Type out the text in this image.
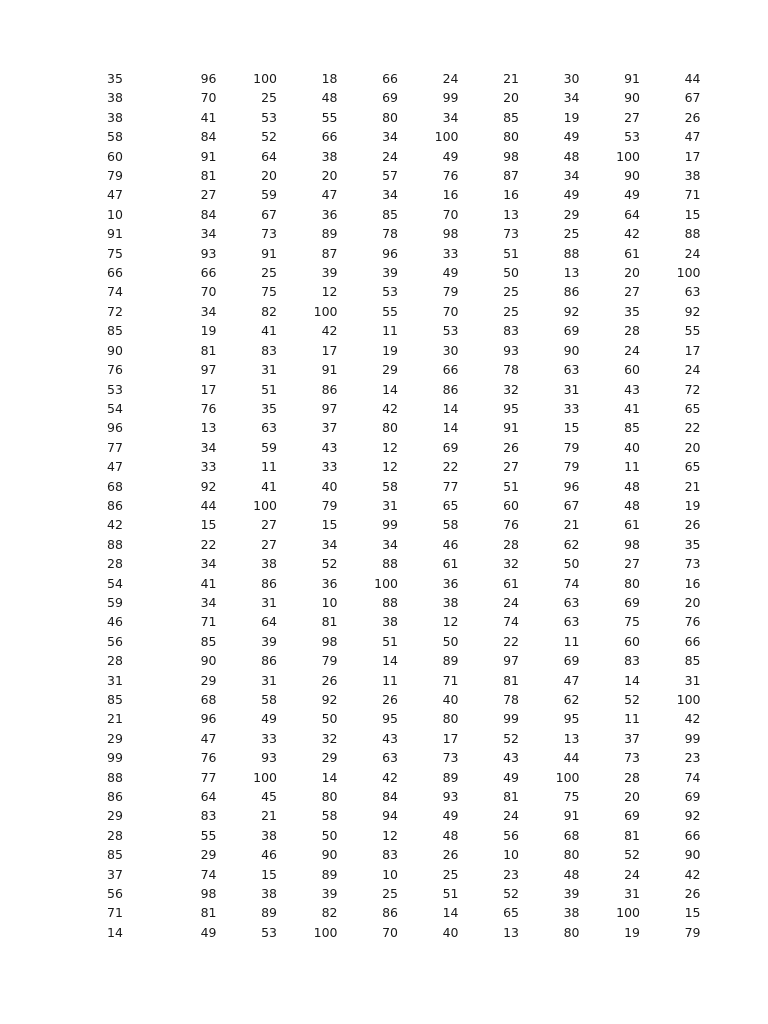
35	96	100	18	66	24	21	30	91	44
38	70	25	48	69	99	20	34	90	67
38	41	53	55	80	34	85	19	27	26
58	84	52	66	34	100	80	49	53	47
60	91	64	38	24	49	98	48	100	17
79	81	20	20	57	76	87	34	90	38
47	27	59	47	34	16	16	49	49	71
10	84	67	36	85	70	13	29	64	15
91	34	73	89	78	98	73	25	42	88
75	93	91	87	96	33	51	88	61	24
66	66	25	39	39	49	50	13	20	100
74	70	75	12	53	79	25	86	27	63
72	34	82	100	55	70	25	92	35	92
85	19	41	42	11	53	83	69	28	55
90	81	83	17	19	30	93	90	24	17
76	97	31	91	29	66	78	63	60	24
53	17	51	86	14	86	32	31	43	72
54	76	35	97	42	14	95	33	41	65
96	13	63	37	80	14	91	15	85	22
77	34	59	43	12	69	26	79	40	20
47	33	11	33	12	22	27	79	11	65
68	92	41	40	58	77	51	96	48	21
86	44	100	79	31	65	60	67	48	19
42	15	27	15	99	58	76	21	61	26
88	22	27	34	34	46	28	62	98	35
28	34	38	52	88	61	32	50	27	73
54	41	86	36	100	36	61	74	80	16
59	34	31	10	88	38	24	63	69	20
46	71	64	81	38	12	74	63	75	76
56	85	39	98	51	50	22	11	60	66
28	90	86	79	14	89	97	69	83	85
31	29	31	26	11	71	81	47	14	31
85	68	58	92	26	40	78	62	52	100
21	96	49	50	95	80	99	95	11	42
29	47	33	32	43	17	52	13	37	99
99	76	93	29	63	73	43	44	73	23
88	77	100	14	42	89	49	100	28	74
86	64	45	80	84	93	81	75	20	69
29	83	21	58	94	49	24	91	69	92
28	55	38	50	12	48	56	68	81	66
85	29	46	90	83	26	10	80	52	90
37	74	15	89	10	25	23	48	24	42
56	98	38	39	25	51	52	39	31	26
71	81	89	82	86	14	65	38	100	15
14	49	53	100	70	40	13	80	19	79
